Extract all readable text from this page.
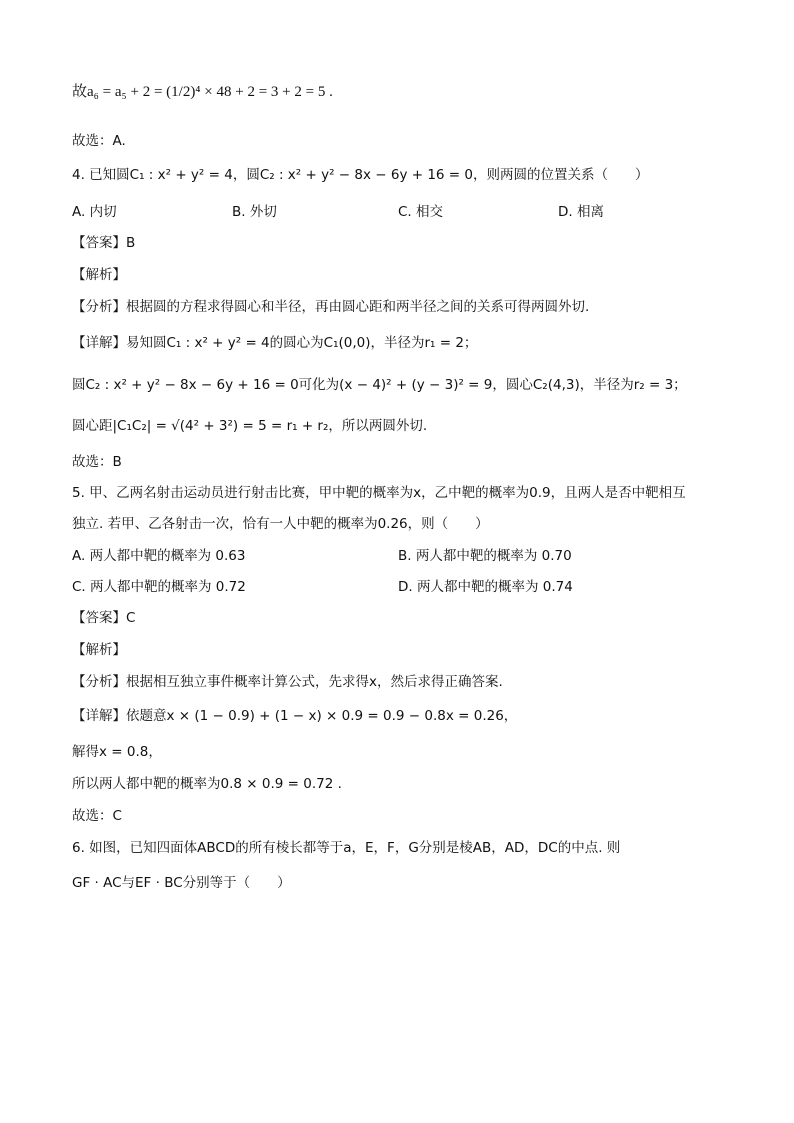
故a₆ = a₅ + 2 = (1/2)⁴ × 48 + 2 = 3 + 2 = 5 .
故选：A.
4. 已知圆C₁ : x² + y² = 4，圆C₂ : x² + y² − 8x − 6y + 16 = 0，则两圆的位置关系（　　）
A. 内切	B. 外切	C. 相交	D. 相离
【答案】B
【解析】
【分析】根据圆的方程求得圆心和半径，再由圆心距和两半径之间的关系可得两圆外切.
【详解】易知圆C₁ : x² + y² = 4的圆心为C₁(0,0)，半径为r₁ = 2；
圆C₂ : x² + y² − 8x − 6y + 16 = 0可化为(x − 4)² + (y − 3)² = 9，圆心C₂(4,3)，半径为r₂ = 3；
圆心距|C₁C₂| = √(4² + 3²) = 5 = r₁ + r₂，所以两圆外切.
故选：B
5. 甲、乙两名射击运动员进行射击比赛，甲中靶的概率为x，乙中靶的概率为0.9，且两人是否中靶相互
独立. 若甲、乙各射击一次，恰有一人中靶的概率为0.26，则（　　）
A. 两人都中靶的概率为 0.63	B. 两人都中靶的概率为 0.70
C. 两人都中靶的概率为 0.72	D. 两人都中靶的概率为 0.74
【答案】C
【解析】
【分析】根据相互独立事件概率计算公式，先求得x，然后求得正确答案.
【详解】依题意x × (1 − 0.9) + (1 − x) × 0.9 = 0.9 − 0.8x = 0.26，
解得x = 0.8，
所以两人都中靶的概率为0.8 × 0.9 = 0.72 .
故选：C
6. 如图，已知四面体ABCD的所有棱长都等于a，E，F，G分别是棱AB，AD，DC的中点. 则
GF · AC与EF · BC分别等于（　　）
